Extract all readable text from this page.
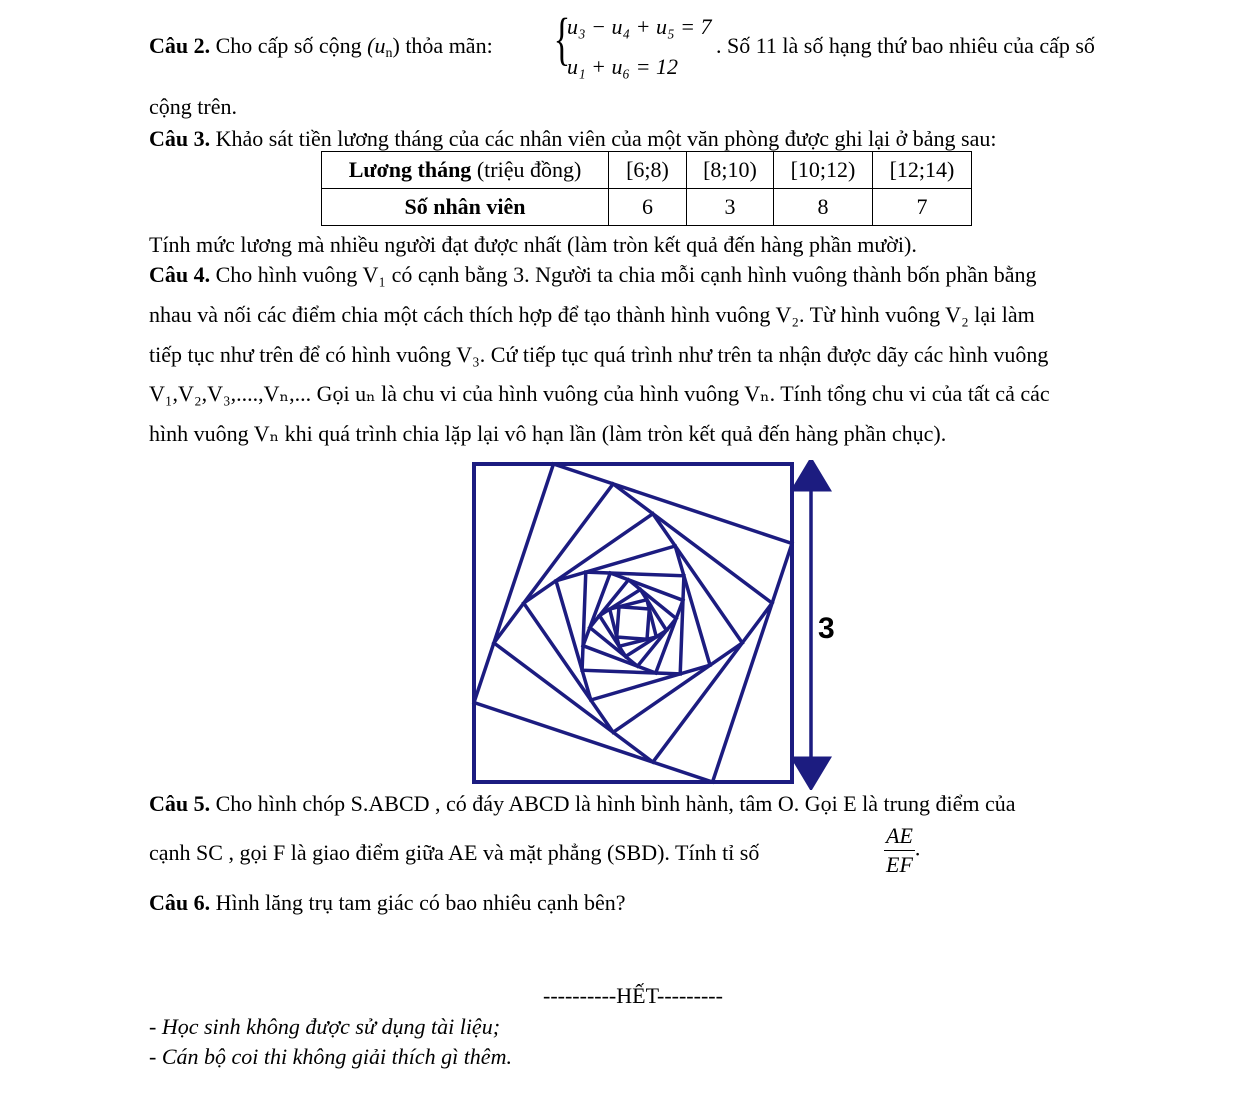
Câu 2. Cho cấp số cộng $(u_n)$ thỏa mãn: {
u₃ − u₄ + u₅ = 7
u₁ + u₆ = 12
. Số 11 là số hạng thứ bao nhiêu của cấp số
cộng trên.
Câu 3. Khảo sát tiền lương tháng của các nhân viên của một văn phòng được ghi lại ở bảng sau:
Lương tháng (triệu đồng)	[6;8)	[8;10)	[10;12)	[12;14)
Số nhân viên	6	3	8	7
Tính mức lương mà nhiều người đạt được nhất (làm tròn kết quả đến hàng phần mười).
Câu 4. Cho hình vuông V₁ có cạnh bằng 3. Người ta chia mỗi cạnh hình vuông thành bốn phần bằng
nhau và nối các điểm chia một cách thích hợp để tạo thành hình vuông V₂. Từ hình vuông V₂ lại làm
tiếp tục như trên để có hình vuông V₃. Cứ tiếp tục quá trình như trên ta nhận được dãy các hình vuông
V₁,V₂,V₃,....,Vₙ,... Gọi uₙ là chu vi của hình vuông của hình vuông Vₙ. Tính tổng chu vi của tất cả các
hình vuông Vₙ khi quá trình chia lặp lại vô hạn lần (làm tròn kết quả đến hàng phần chục).
3
Câu 5. Cho hình chóp S.ABCD , có đáy ABCD là hình bình hành, tâm O. Gọi E là trung điểm của
cạnh SC , gọi F là giao điểm giữa AE và mặt phẳng (SBD). Tính tỉ số	$\frac{AE}{EF}$ .
Câu 6. Hình lăng trụ tam giác có bao nhiêu cạnh bên?
----------HẾT---------
- Học sinh không được sử dụng tài liệu;
- Cán bộ coi thi không giải thích gì thêm.
